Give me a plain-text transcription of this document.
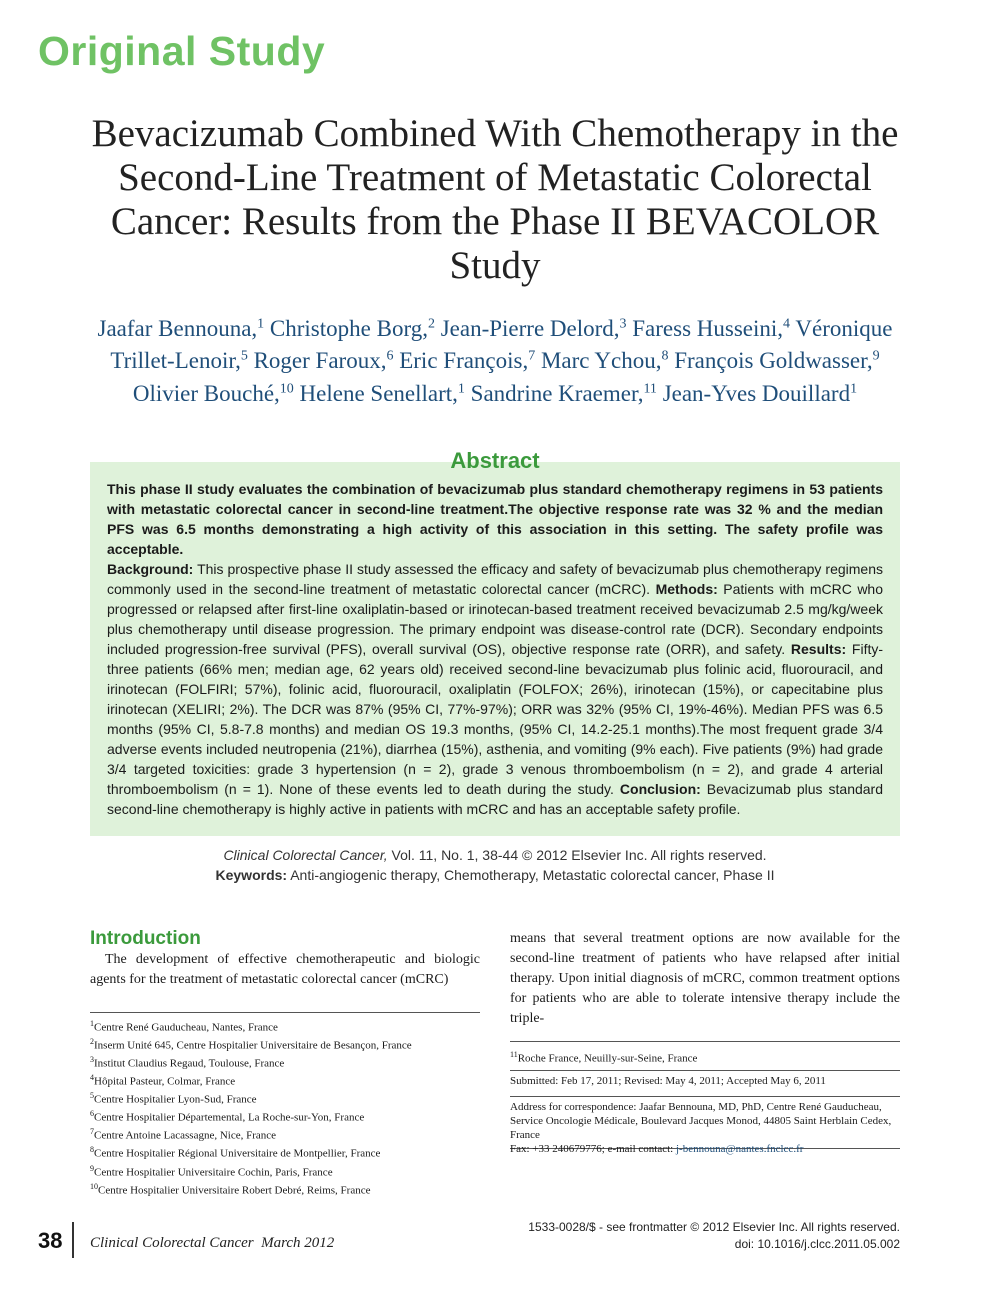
Original Study
Bevacizumab Combined With Chemotherapy in the Second-Line Treatment of Metastatic Colorectal Cancer: Results from the Phase II BEVACOLOR Study
Jaafar Bennouna,$^1$ Christophe Borg,$^2$ Jean-Pierre Delord,$^3$ Faress Husseini,$^4$ Véronique Trillet-Lenoir,$^5$ Roger Faroux,$^6$ Eric François,$^7$ Marc Ychou,$^8$ François Goldwasser,$^9$ Olivier Bouché,$^{10}$ Helene Senellart,$^1$ Sandrine Kraemer,$^{11}$ Jean-Yves Douillard$^1$
Abstract
This phase II study evaluates the combination of bevacizumab plus standard chemotherapy regimens in 53 patients with metastatic colorectal cancer in second-line treatment.The objective response rate was 32 % and the median PFS was 6.5 months demonstrating a high activity of this association in this setting. The safety profile was acceptable.
Background: This prospective phase II study assessed the efficacy and safety of bevacizumab plus chemotherapy regimens commonly used in the second-line treatment of metastatic colorectal cancer (mCRC). Methods: Patients with mCRC who progressed or relapsed after first-line oxaliplatin-based or irinotecan-based treatment received bevacizumab 2.5 mg/kg/week plus chemotherapy until disease progression. The primary endpoint was disease-control rate (DCR). Secondary endpoints included progression-free survival (PFS), overall survival (OS), objective response rate (ORR), and safety. Results: Fifty-three patients (66% men; median age, 62 years old) received second-line bevacizumab plus folinic acid, fluorouracil, and irinotecan (FOLFIRI; 57%), folinic acid, fluorouracil, oxaliplatin (FOLFOX; 26%), irinotecan (15%), or capecitabine plus irinotecan (XELIRI; 2%). The DCR was 87% (95% CI, 77%-97%); ORR was 32% (95% CI, 19%-46%). Median PFS was 6.5 months (95% CI, 5.8-7.8 months) and median OS 19.3 months, (95% CI, 14.2-25.1 months).The most frequent grade 3/4 adverse events included neutropenia (21%), diarrhea (15%), asthenia, and vomiting (9% each). Five patients (9%) had grade 3/4 targeted toxicities: grade 3 hypertension (n = 2), grade 3 venous thromboembolism (n = 2), and grade 4 arterial thromboembolism (n = 1). None of these events led to death during the study. Conclusion: Bevacizumab plus standard second-line chemotherapy is highly active in patients with mCRC and has an acceptable safety profile.
Clinical Colorectal Cancer, Vol. 11, No. 1, 38-44 © 2012 Elsevier Inc. All rights reserved.
Keywords: Anti-angiogenic therapy, Chemotherapy, Metastatic colorectal cancer, Phase II
Introduction
The development of effective chemotherapeutic and biologic agents for the treatment of metastatic colorectal cancer (mCRC)
means that several treatment options are now available for the second-line treatment of patients who have relapsed after initial therapy. Upon initial diagnosis of mCRC, common treatment options for patients who are able to tolerate intensive therapy include the triple-
$^1$Centre René Gauducheau, Nantes, France
$^2$Inserm Unité 645, Centre Hospitalier Universitaire de Besançon, France
$^3$Institut Claudius Regaud, Toulouse, France
$^4$Hôpital Pasteur, Colmar, France
$^5$Centre Hospitalier Lyon-Sud, France
$^6$Centre Hospitalier Départemental, La Roche-sur-Yon, France
$^7$Centre Antoine Lacassagne, Nice, France
$^8$Centre Hospitalier Régional Universitaire de Montpellier, France
$^9$Centre Hospitalier Universitaire Cochin, Paris, France
$^{10}$Centre Hospitalier Universitaire Robert Debré, Reims, France
$^{11}$Roche France, Neuilly-sur-Seine, France
Submitted: Feb 17, 2011; Revised: May 4, 2011; Accepted May 6, 2011
Address for correspondence: Jaafar Bennouna, MD, PhD, Centre René Gauducheau, Service Oncologie Médicale, Boulevard Jacques Monod, 44805 Saint Herblain Cedex, France
Fax: +33 240679776; e-mail contact: j-bennouna@nantes.fnclcc.fr
38 Clinical Colorectal Cancer March 2012
1533-0028/$ - see frontmatter © 2012 Elsevier Inc. All rights reserved.
doi: 10.1016/j.clcc.2011.05.002
